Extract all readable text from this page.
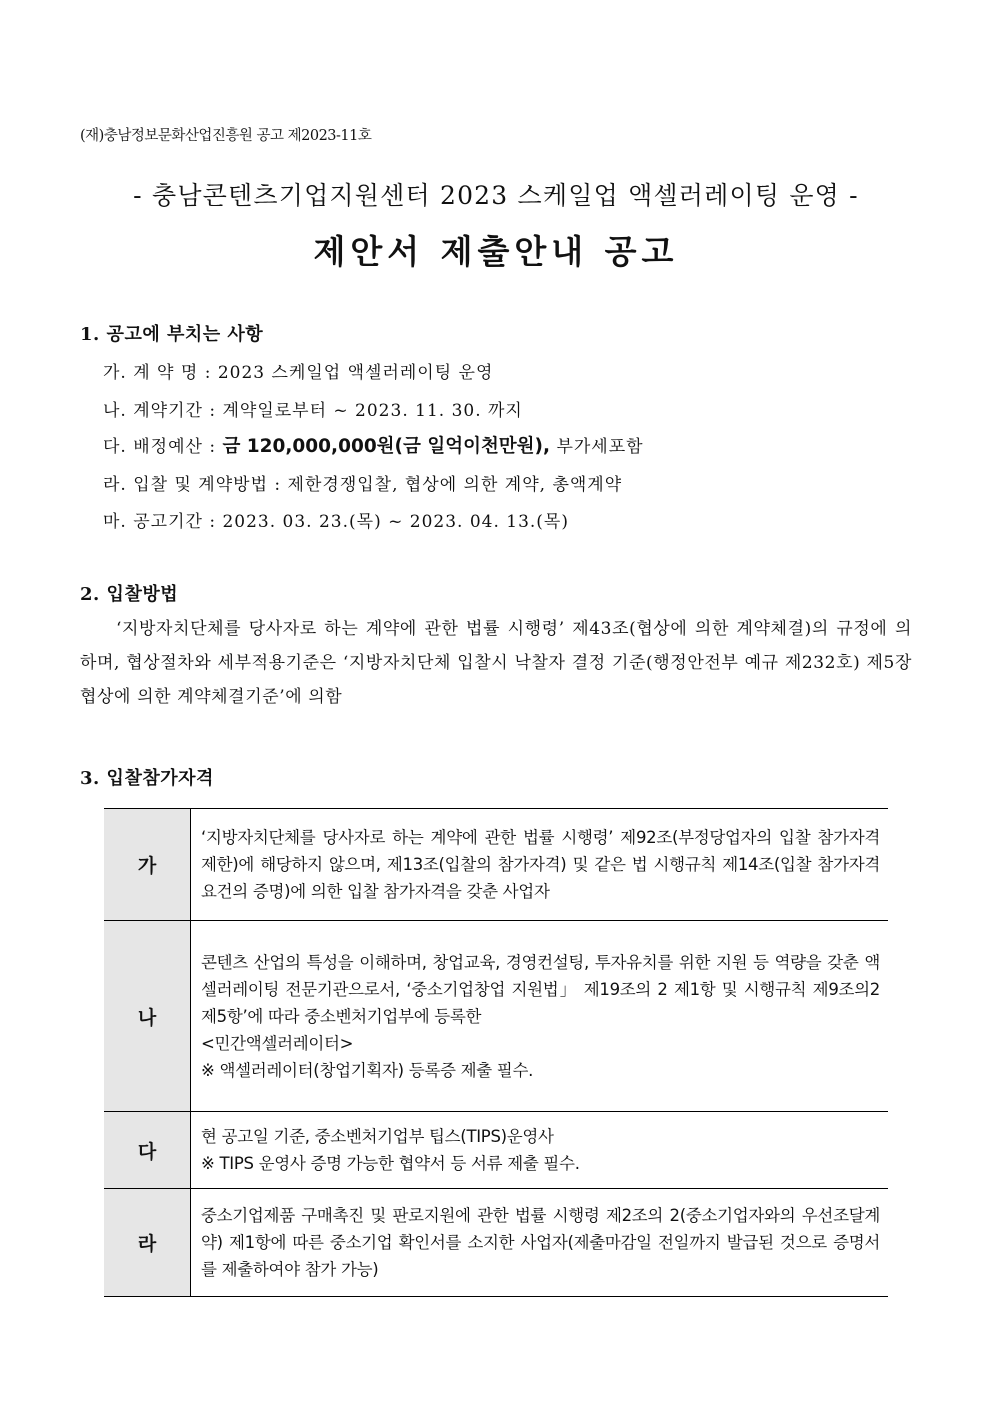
(재)충남정보문화산업진흥원 공고 제2023-11호
- 충남콘텐츠기업지원센터 2023 스케일업 액셀러레이팅 운영 -
제안서 제출안내 공고
1. 공고에 부치는 사항
가. 계 약 명 : 2023 스케일업 액셀러레이팅 운영
나. 계약기간 : 계약일로부터 ~ 2023. 11. 30. 까지
다. 배정예산 : 금 120,000,000원(금 일억이천만원), 부가세포함
라. 입찰 및 계약방법 : 제한경쟁입찰, 협상에 의한 계약, 총액계약
마. 공고기간 : 2023. 03. 23.(목) ~ 2023. 04. 13.(목)
2. 입찰방법
‘지방자치단체를 당사자로 하는 계약에 관한 법률 시행령’ 제43조(협상에 의한 계약체결)의 규정에 의하며, 협상절차와 세부적용기준은 ‘지방자치단체 입찰시 낙찰자 결정 기준(행정안전부 예규 제232호) 제5장 협상에 의한 계약체결기준’에 의함
3. 입찰참가자격
가	‘지방자치단체를 당사자로 하는 계약에 관한 법률 시행령’ 제92조(부정당업자의 입찰 참가자격 제한)에 해당하지 않으며, 제13조(입찰의 참가자격) 및 같은 법 시행규칙 제14조(입찰 참가자격 요건의 증명)에 의한 입찰 참가자격을 갖춘 사업자

나	콘텐츠 산업의 특성을 이해하며, 창업교육, 경영컨설팅, 투자유치를 위한 지원 등 역량을 갖춘 액셀러레이팅 전문기관으로서, ‘중소기업창업 지원법」 제19조의 2 제1항 및 시행규칙 제9조의2제5항’에 따라 중소벤처기업부에 등록한
<민간액셀러레이터>
※ 액셀러레이터(창업기획자) 등록증 제출 필수.

다	현 공고일 기준, 중소벤처기업부 팁스(TIPS)운영사
※ TIPS 운영사 증명 가능한 협약서 등 서류 제출 필수.

라	중소기업제품 구매촉진 및 판로지원에 관한 법률 시행령 제2조의 2(중소기업자와의 우선조달계약) 제1항에 따른 중소기업 확인서를 소지한 사업자(제출마감일 전일까지 발급된 것으로 증명서를 제출하여야 참가 가능)
